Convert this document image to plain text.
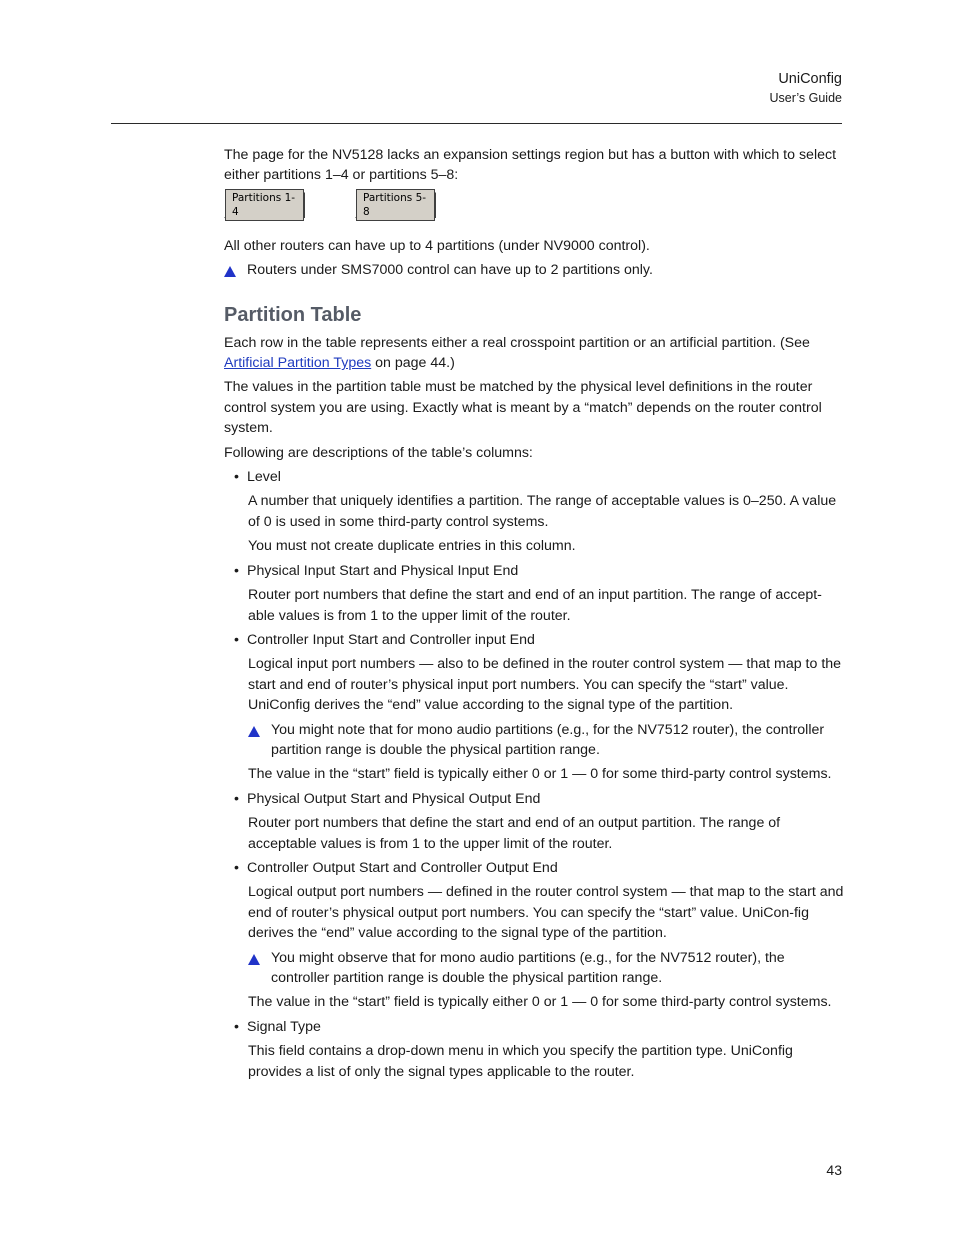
UniConfig
User’s Guide

The page for the NV5128 lacks an expansion settings region but has a button with which to select either partitions 1–4 or partitions 5–8:

Partitions 1-4
Partitions 5-8

All other routers can have up to 4 partitions (under NV9000 control).

Routers under SMS7000 control can have up to 2 partitions only.
Partition Table

Each row in the table represents either a real crosspoint partition or an artificial partition. (See Artificial Partition Types on page 44.)

The values in the partition table must be matched by the physical level definitions in the router control system you are using. Exactly what is meant by a “match” depends on the router control system.

Following are descriptions of the table’s columns:

• Level

A number that uniquely identifies a partition. The range of acceptable values is 0–250. A value of 0 is used in some third-party control systems.

You must not create duplicate entries in this column.

• Physical Input Start and Physical Input End

Router port numbers that define the start and end of an input partition. The range of accept-able values is from 1 to the upper limit of the router.

• Controller Input Start and Controller input End

Logical input port numbers — also to be defined in the router control system — that map to the start and end of router’s physical input port numbers. You can specify the “start” value. UniConfig derives the “end” value according to the signal type of the partition.

You might note that for mono audio partitions (e.g., for the NV7512 router), the controller partition range is double the physical partition range.

The value in the “start” field is typically either 0 or 1 — 0 for some third-party control systems.

• Physical Output Start and Physical Output End

Router port numbers that define the start and end of an output partition. The range of acceptable values is from 1 to the upper limit of the router.

• Controller Output Start and Controller Output End

Logical output port numbers — defined in the router control system — that map to the start and end of router’s physical output port numbers. You can specify the “start” value. UniCon-fig derives the “end” value according to the signal type of the partition.

You might observe that for mono audio partitions (e.g., for the NV7512 router), the controller partition range is double the physical partition range.

The value in the “start” field is typically either 0 or 1 — 0 for some third-party control systems.

• Signal Type

This field contains a drop-down menu in which you specify the partition type. UniConfig provides a list of only the signal types applicable to the router.

43
